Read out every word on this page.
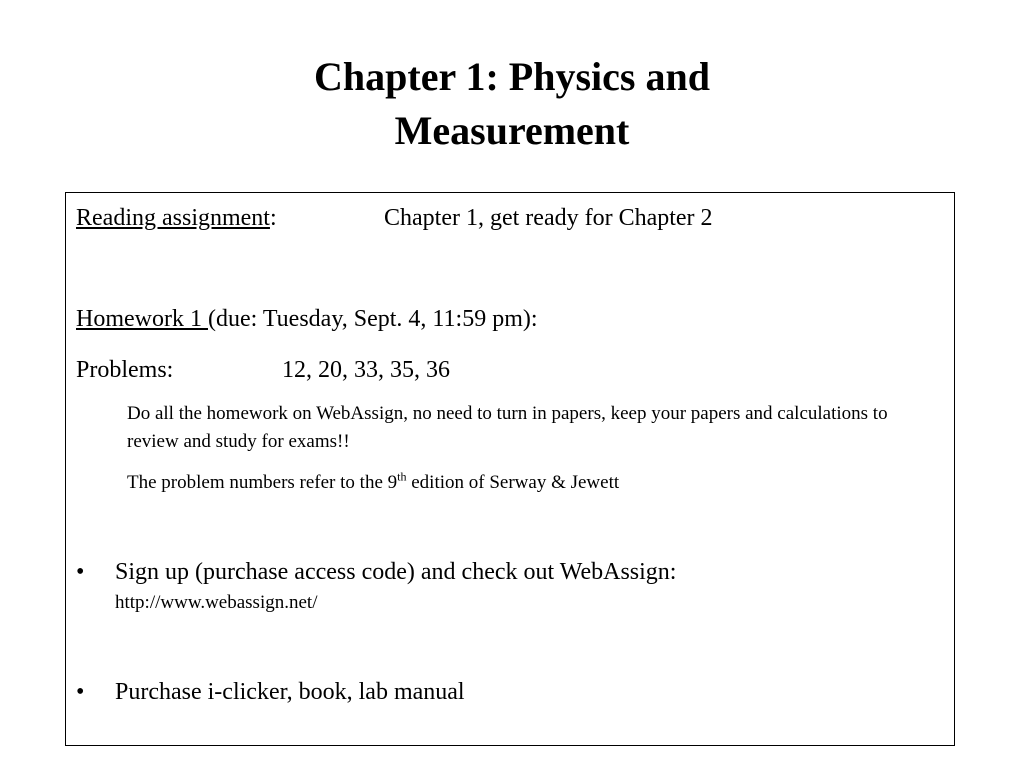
Chapter 1: Physics and
Measurement
Reading assignment:	Chapter 1, get ready for Chapter 2
Homework 1 (due: Tuesday, Sept. 4, 11:59 pm):
Problems:	12, 20, 33, 35, 36
Do all the homework on WebAssign, no need to turn in papers, keep your papers and calculations to review and study for exams!!
The problem numbers refer to the 9th edition of Serway & Jewett
• Sign up (purchase access code) and check out WebAssign:
http://www.webassign.net/
• Purchase i-clicker, book, lab manual
